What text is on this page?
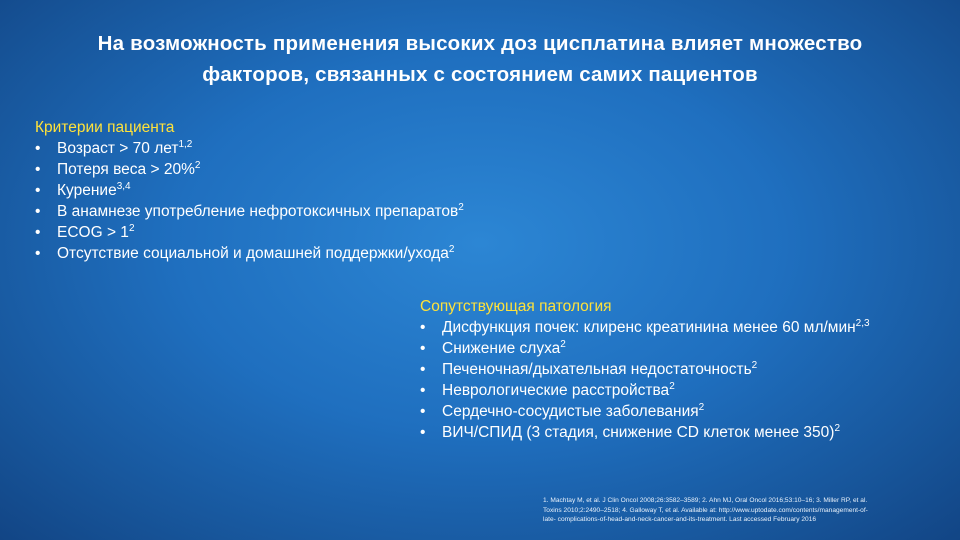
На возможность применения высоких доз цисплатина влияет множество
факторов, связанных с состоянием самих пациентов

Критерии пациента

• Возраст > 70 лет$^{1,2}$
• Потеря веса > 20%$^2$
• Курение$^{3,4}$
• В анамнезе употребление нефротоксичных препаратов$^2$
• ECOG > $1^2$
• Отсутствие социальной и домашней поддержки/ухода$^2$

Сопутствующая патология

• Дисфункция почек: клиренс креатинина менее 60 мл/мин$^{2,3}$
• Снижение слуха$^2$
• Печеночная/дыхательная недостаточность$^2$
• Неврологические расстройства$^2$
• Сердечно-сосудистые заболевания$^2$
• ВИЧ/СПИД (3 стадия, снижение CD клеток менее 350)$^2$
1. Machtay M, et al. J Clin Oncol 2008;26:3582–3589; 2. Ahn MJ, Oral Oncol 2016;53:10–16; 3. Miller RP, et al.
Toxins 2010;2:2490–2518; 4. Galloway T, et al. Available at: http://www.uptodate.com/contents/management-of-
late- complications-of-head-and-neck-cancer-and-its-treatment. Last accessed February 2016
